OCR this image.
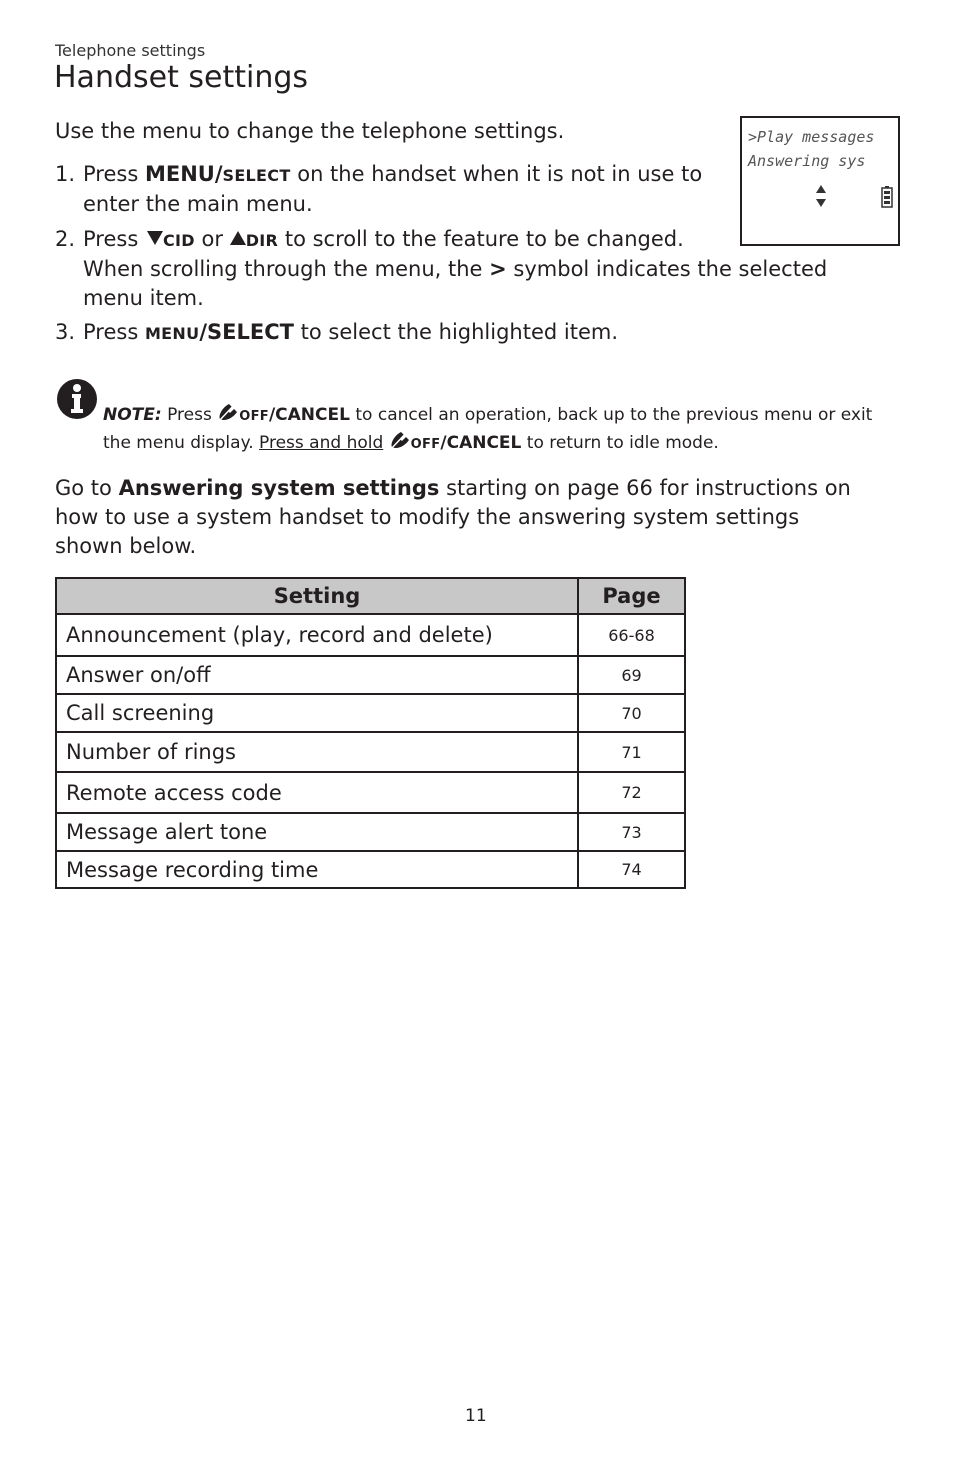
Telephone settings
Handset settings
Use the menu to change the telephone settings.
1. Press MENU/SELECT on the handset when it is not in use to
enter the main menu.
2. Press CID or DIR to scroll to the feature to be changed.
When scrolling through the menu, the > symbol indicates the selected
menu item.
3. Press MENU/SELECT to select the highlighted item.
>Play messages
Answering sys
NOTE: Press OFF/CANCEL to cancel an operation, back up to the previous menu or exit
the menu display. Press and hold OFF/CANCEL to return to idle mode.
Go to Answering system settings starting on page 66 for instructions on
how to use a system handset to modify the answering system settings
shown below.
Setting	Page
Announcement (play, record and delete)	66-68
Answer on/off	69
Call screening	70
Number of rings	71
Remote access code	72
Message alert tone	73
Message recording time	74
11
